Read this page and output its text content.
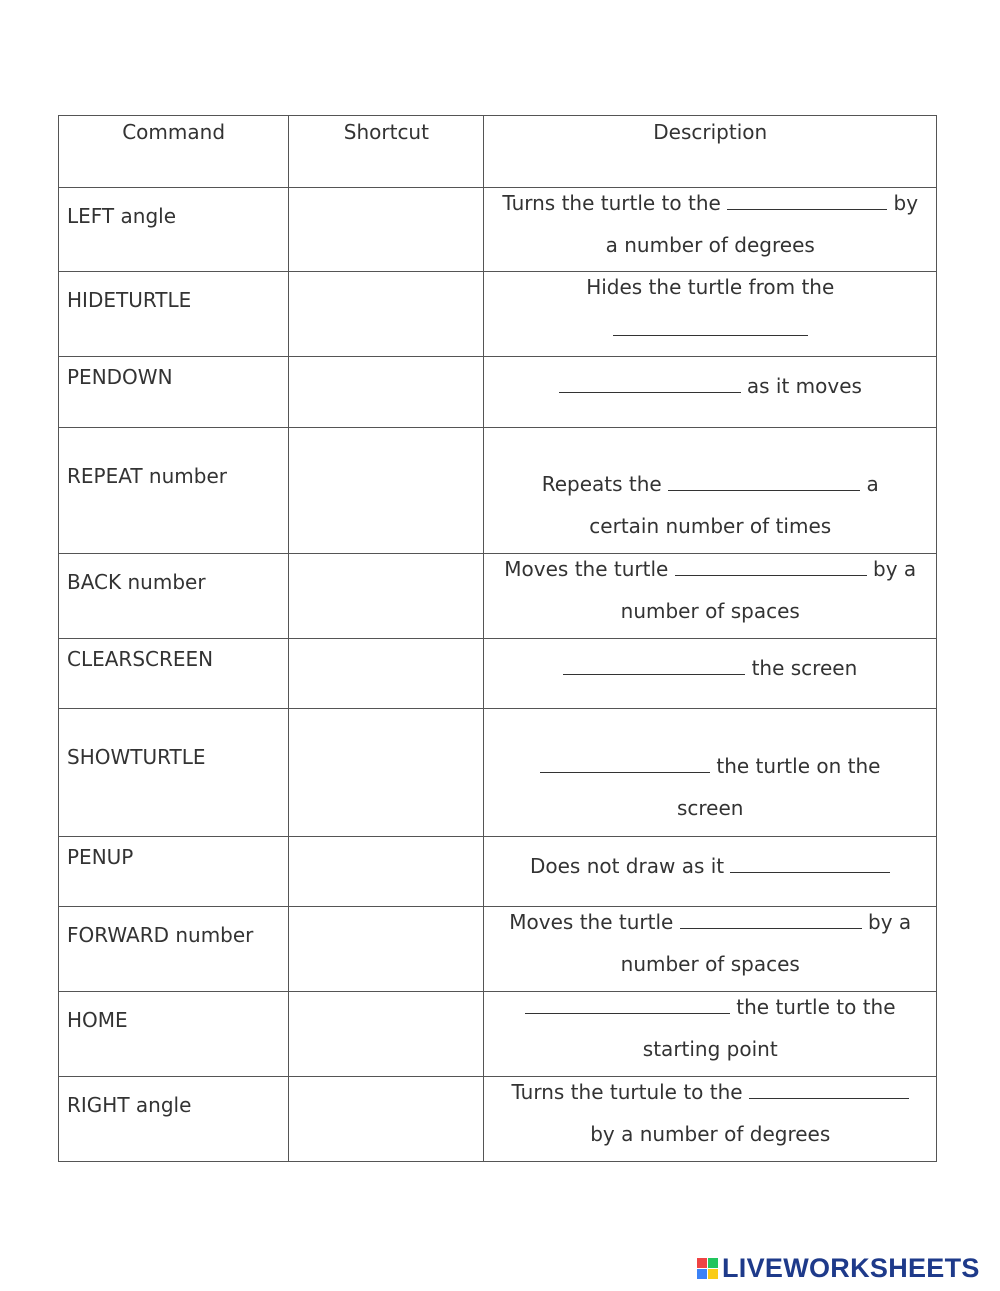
Command	Shortcut	Description

LEFT angle		Turns the turtle to the by a number of degrees

HIDETURTLE		Hides the turtle from the

PENDOWN		as it moves

REPEAT number		Repeats the a certain number of times

BACK number		Moves the turtle by a number of spaces

CLEARSCREEN		the screen

SHOWTURTLE		the turtle on the screen

PENUP		Does not draw as it

FORWARD number		Moves the turtle by a number of spaces

HOME		the turtle to the starting point

RIGHT angle		Turns the turtule to the  by a number of degrees
LIVEWORKSHEETS
